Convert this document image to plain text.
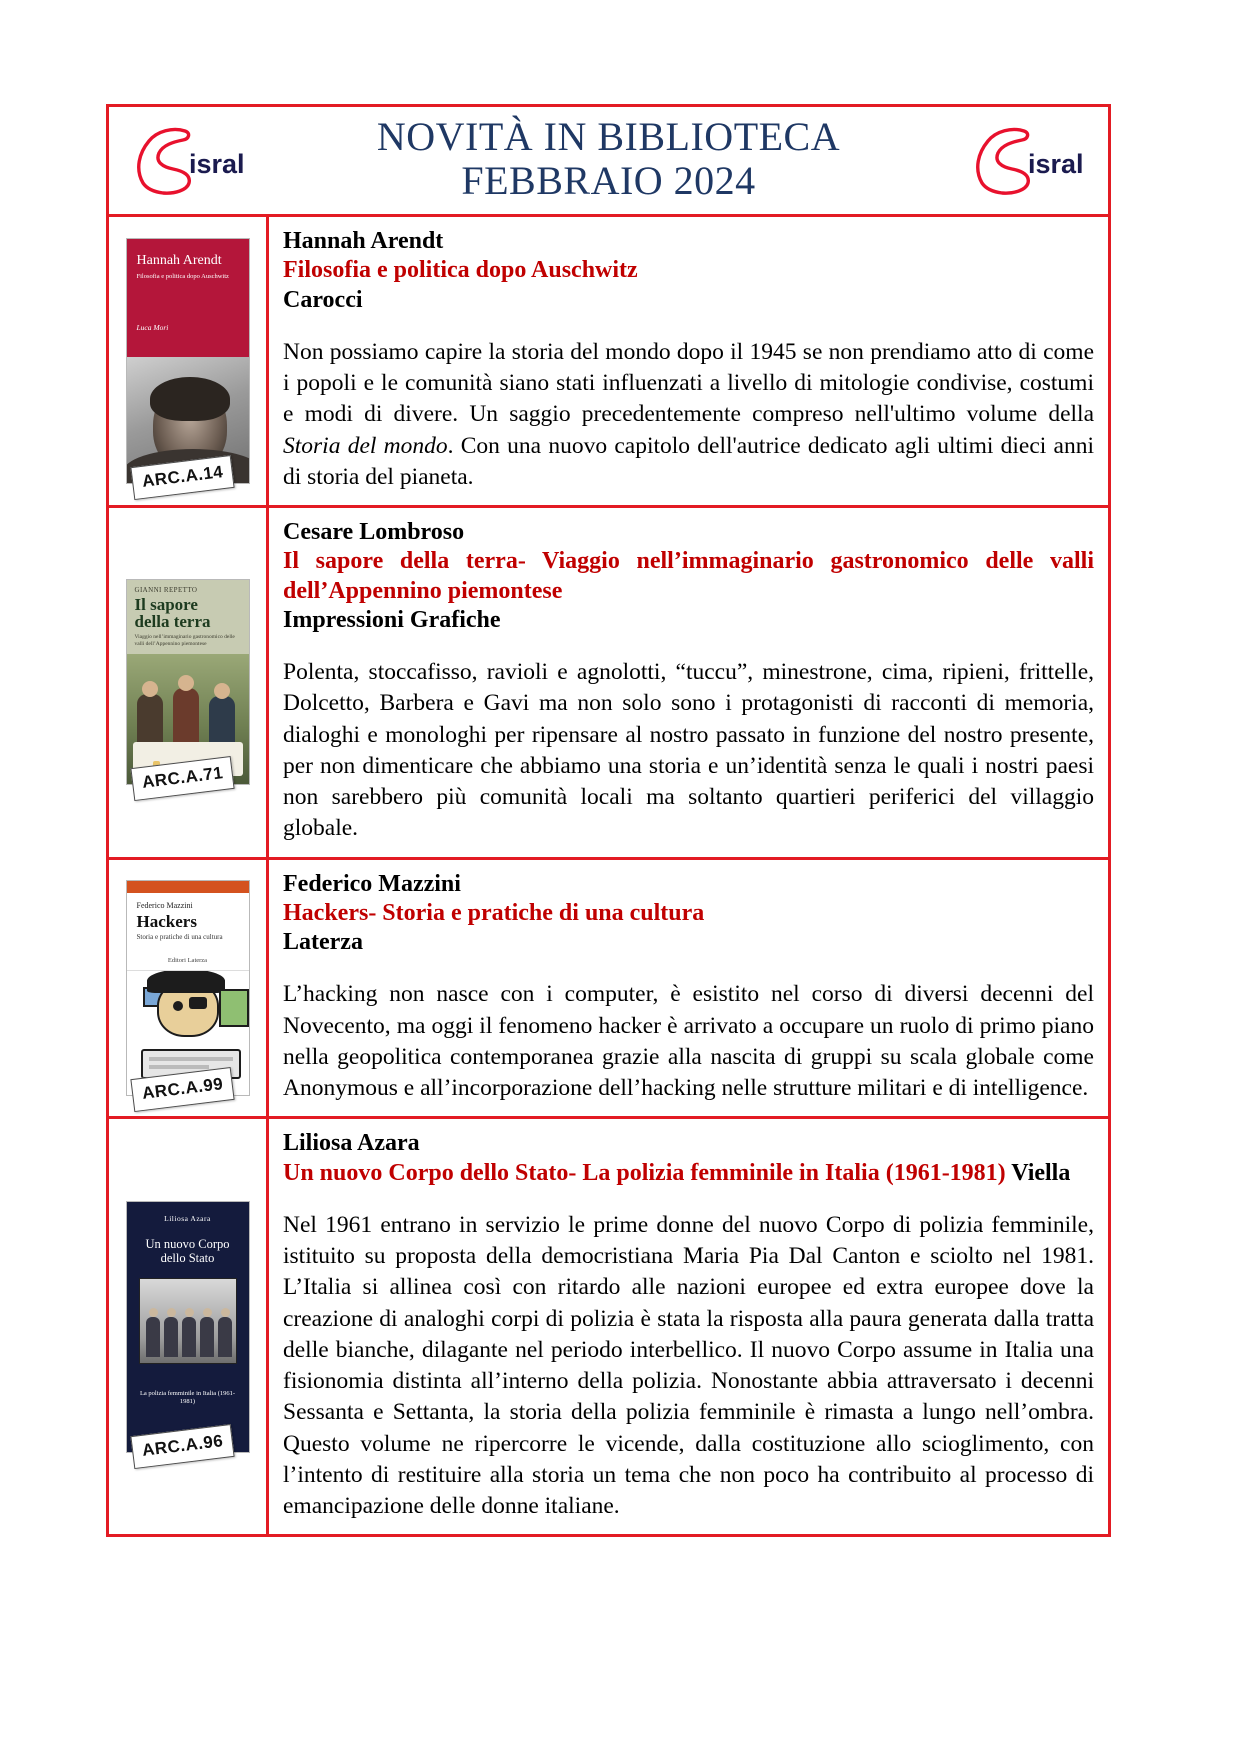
isral
NOVITÀ IN BIBLIOTECA
FEBBRAIO 2024	isral
Hannah Arendt
Filosofia e politica dopo Auschwitz
Luca Mori
ARC.A.14

Hannah Arendt

Filosofia e politica dopo Auschwitz

Carocci

Non possiamo capire la storia del mondo dopo il 1945 se non prendiamo atto di come i popoli e le comunità siano stati influenzati a livello di mitologie condivise, costumi e modi di divere. Un saggio precedentemente compreso nell'ultimo volume della Storia del mondo. Con una nuovo capitolo dell'autrice dedicato agli ultimi dieci anni di storia del pianeta.

GIANNI REPETTO
Il sapore
della terra
Viaggio nell’immaginario gastronomico delle valli dell’Appennino piemontese
ARC.A.71

Cesare Lombroso

Il sapore della terra- Viaggio nell’immaginario gastronomico delle valli dell’Appennino piemontese

Impressioni Grafiche

Polenta, stoccafisso, ravioli e agnolotti, “tuccu”, minestrone, cima, ripieni, frittelle, Dolcetto, Barbera e Gavi ma non solo sono i protagonisti di racconti di memoria, dialoghi e monologhi per ripensare al nostro passato in funzione del nostro presente, per non dimenticare che abbiamo una storia e un’identità senza le quali i nostri paesi non sarebbero più comunità locali ma soltanto quartieri periferici del villaggio globale.

Federico Mazzini
Hackers
Storia e pratiche di una cultura
Editori Laterza
ARC.A.99

Federico Mazzini

Hackers- Storia e pratiche di una cultura

Laterza

L’hacking non nasce con i computer, è esistito nel corso di diversi decenni del Novecento, ma oggi il fenomeno hacker è arrivato a occupare un ruolo di primo piano nella geopolitica contemporanea grazie alla nascita di gruppi su scala globale come Anonymous e all’incorporazione dell’hacking nelle strutture militari e di intelligence.

Liliosa Azara
Un nuovo Corpo dello Stato
La polizia femminile in Italia (1961-1981)
ARC.A.96

Liliosa Azara

Un nuovo Corpo dello Stato- La polizia femminile in Italia (1961-1981) Viella

Nel 1961 entrano in servizio le prime donne del nuovo Corpo di polizia femminile, istituito su proposta della democristiana Maria Pia Dal Canton e sciolto nel 1981. L’Italia si allinea così con ritardo alle nazioni europee ed extra europee dove la creazione di analoghi corpi di polizia è stata la risposta alla paura generata dalla tratta delle bianche, dilagante nel periodo interbellico. Il nuovo Corpo assume in Italia una fisionomia distinta all’interno della polizia. Nonostante abbia attraversato i decenni Sessanta e Settanta, la storia della polizia femminile è rimasta a lungo nell’ombra. Questo volume ne ripercorre le vicende, dalla costituzione allo scioglimento, con l’intento di restituire alla storia un tema che non poco ha contribuito al processo di emancipazione delle donne italiane.
